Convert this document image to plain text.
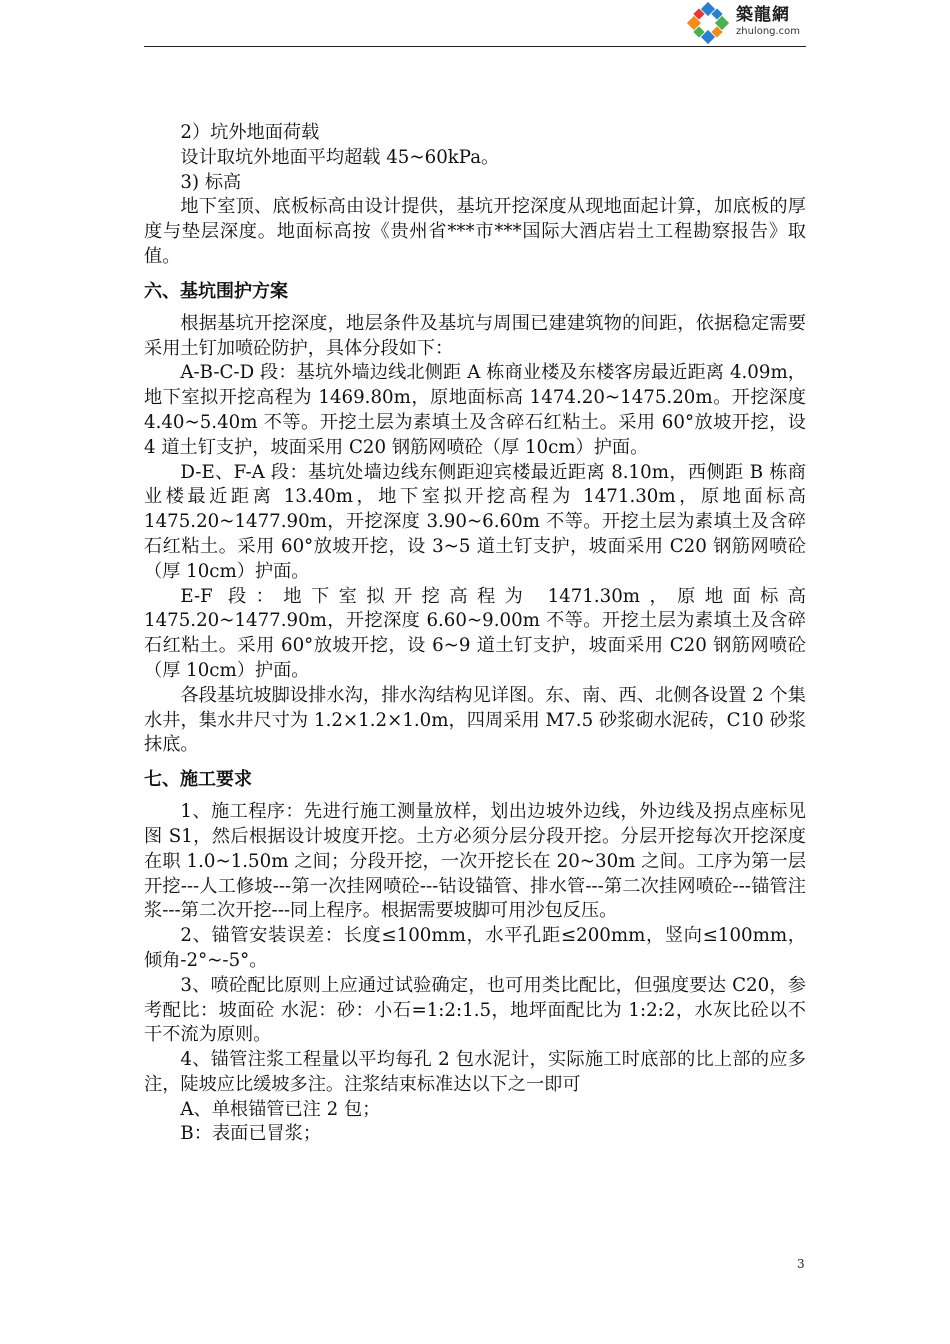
築龍網
zhulong.com

2）坑外地面荷载

设计取坑外地面平均超载 45~60kPa。

3) 标高

地下室顶、底板标高由设计提供，基坑开挖深度从现地面起计算，加底板的厚度与垫层深度。地面标高按《贵州省***市***国际大酒店岩土工程勘察报告》取值。

六、基坑围护方案

根据基坑开挖深度，地层条件及基坑与周围已建建筑物的间距，依据稳定需要采用土钉加喷砼防护，具体分段如下：

A-B-C-D 段：基坑外墙边线北侧距 A 栋商业楼及东楼客房最近距离 4.09m，地下室拟开挖高程为 1469.80m，原地面标高 1474.20~1475.20m。开挖深度 4.40~5.40m 不等。开挖土层为素填土及含碎石红粘土。采用 60°放坡开挖，设 4 道土钉支护，坡面采用 C20 钢筋网喷砼（厚 10cm）护面。

D-E、F-A 段：基坑处墙边线东侧距迎宾楼最近距离 8.10m，西侧距 B 栋商业楼最近距离 13.40m，地下室拟开挖高程为 1471.30m，原地面标高 1475.20~1477.90m，开挖深度 3.90~6.60m 不等。开挖土层为素填土及含碎石红粘土。采用 60°放坡开挖，设 3~5 道土钉支护，坡面采用 C20 钢筋网喷砼（厚 10cm）护面。

E-F 段：地下室拟开挖高程为 1471.30m，原地面标高 1475.20~1477.90m，开挖深度 6.60~9.00m 不等。开挖土层为素填土及含碎石红粘土。采用 60°放坡开挖，设 6~9 道土钉支护，坡面采用 C20 钢筋网喷砼（厚 10cm）护面。

各段基坑坡脚设排水沟，排水沟结构见详图。东、南、西、北侧各设置 2 个集水井，集水井尺寸为 1.2×1.2×1.0m，四周采用 M7.5 砂浆砌水泥砖，C10 砂浆抹底。

七、施工要求

1、施工程序：先进行施工测量放样，划出边坡外边线，外边线及拐点座标见图 S1，然后根据设计坡度开挖。土方必须分层分段开挖。分层开挖每次开挖深度在职 1.0~1.50m 之间；分段开挖，一次开挖长在 20~30m 之间。工序为第一层开挖---人工修坡---第一次挂网喷砼---钻设锚管、排水管---第二次挂网喷砼---锚管注浆---第二次开挖---同上程序。根据需要坡脚可用沙包反压。

2、锚管安装误差：长度≤100mm，水平孔距≤200mm，竖向≤100mm，倾角-2°~-5°。

3、喷砼配比原则上应通过试验确定，也可用类比配比，但强度要达 C20，参考配比：坡面砼 水泥：砂：小石=1:2:1.5，地坪面配比为 1:2:2，水灰比砼以不干不流为原则。

4、锚管注浆工程量以平均每孔 2 包水泥计，实际施工时底部的比上部的应多注，陡坡应比缓坡多注。注浆结束标准达以下之一即可

A、单根锚管已注 2 包；

B：表面已冒浆；

3
